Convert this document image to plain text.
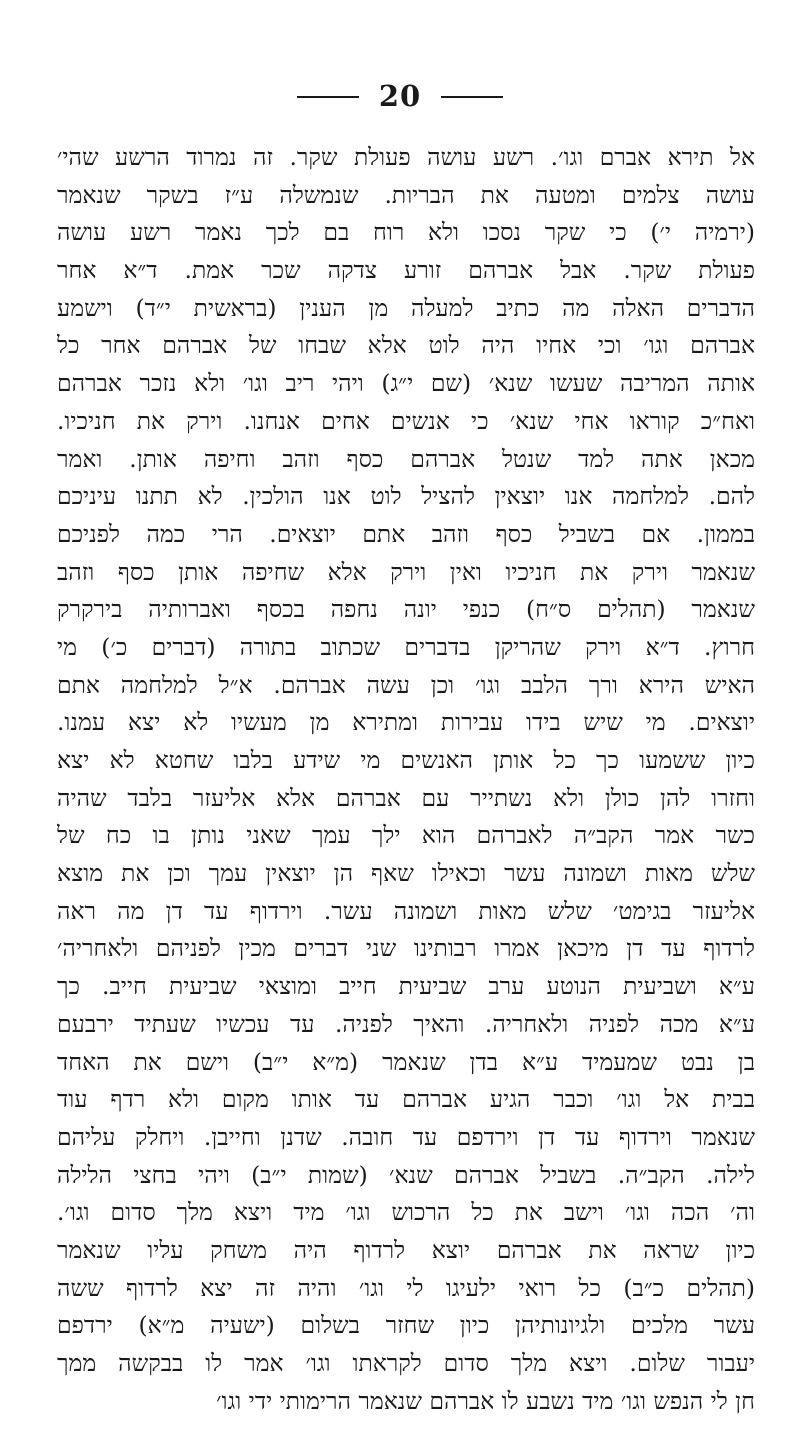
20
אל תירא אברם וגו׳. רשע עושה פעולת שקר. זה נמרוד הרשע שהי׳
עושה צלמים ומטעה את הבריות. שנמשלה ע״ז בשקר שנאמר
(ירמיה י׳) כי שקר נסכו ולא רוח בם לכך נאמר רשע עושה
פעולת שקר. אבל אברהם זורע צדקה שכר אמת. ד״א אחר
הדברים האלה מה כתיב למעלה מן הענין (בראשית י״ד) וישמע
אברהם וגו׳ וכי אחיו היה לוט אלא שבחו של אברהם אחר כל
אותה המריבה שעשו שנא׳ (שם י״ג) ויהי ריב וגו׳ ולא נזכר אברהם
ואח״כ קוראו אחי שנא׳ כי אנשים אחים אנחנו. וירק את חניכיו.
מכאן אתה למד שנטל אברהם כסף וזהב וחיפה אותן. ואמר
להם. למלחמה אנו יוצאין להציל לוט אנו הולכין. לא תתנו עיניכם
בממון. אם בשביל כסף וזהב אתם יוצאים. הרי כמה לפניכם
שנאמר וירק את חניכיו ואין וירק אלא שחיפה אותן כסף וזהב
שנאמר (תהלים ס״ח) כנפי יונה נחפה בכסף ואברותיה בירקרק
חרוץ. ד״א וירק שהריקן בדברים שכתוב בתורה (דברים כ׳) מי
האיש הירא ורך הלבב וגו׳ וכן עשה אברהם. א״ל למלחמה אתם
יוצאים. מי שיש בידו עבירות ומתירא מן מעשיו לא יצא עמנו.
כיון ששמעו כך כל אותן האנשים מי שידע בלבו שחטא לא יצא
וחזרו להן כולן ולא נשתייר עם אברהם אלא אליעזר בלבד שהיה
כשר אמר הקב״ה לאברהם הוא ילך עמך שאני נותן בו כח של
שלש מאות ושמונה עשר וכאילו שאף הן יוצאין עמך וכן את מוצא
אליעזר בגימט׳ שלש מאות ושמונה עשר. וירדוף עד דן מה ראה
לרדוף עד דן מיכאן אמרו רבותינו שני דברים מכין לפניהם ולאחריה׳
ע״א ושביעית הנוטע ערב שביעית חייב ומוצאי שביעית חייב. כך
ע״א מכה לפניה ולאחריה. והאיך לפניה. עד עכשיו שעתיד ירבעם
בן נבט שמעמיד ע״א בדן שנאמר (מ״א י״ב) וישם את האחד
בבית אל וגו׳ וכבר הגיע אברהם עד אותו מקום ולא רדף עוד
שנאמר וירדוף עד דן וירדפם עד חובה. שדנן וחייבן. ויחלק עליהם
לילה. הקב״ה. בשביל אברהם שנא׳ (שמות י״ב) ויהי בחצי הלילה
וה׳ הכה וגו׳ וישב את כל הרכוש וגו׳ מיד ויצא מלך סדום וגו׳.
כיון שראה את אברהם יוצא לרדוף היה משחק עליו שנאמר
(תהלים כ״ב) כל רואי ילעיגו לי וגו׳ והיה זה יצא לרדוף ששה
עשר מלכים ולגיונותיהן כיון שחזר בשלום (ישעיה מ״א) ירדפם
יעבור שלום. ויצא מלך סדום לקראתו וגו׳ אמר לו בבקשה ממך
חן לי הנפש וגו׳ מיד נשבע לו אברהם שנאמר הרימותי ידי וגו׳
